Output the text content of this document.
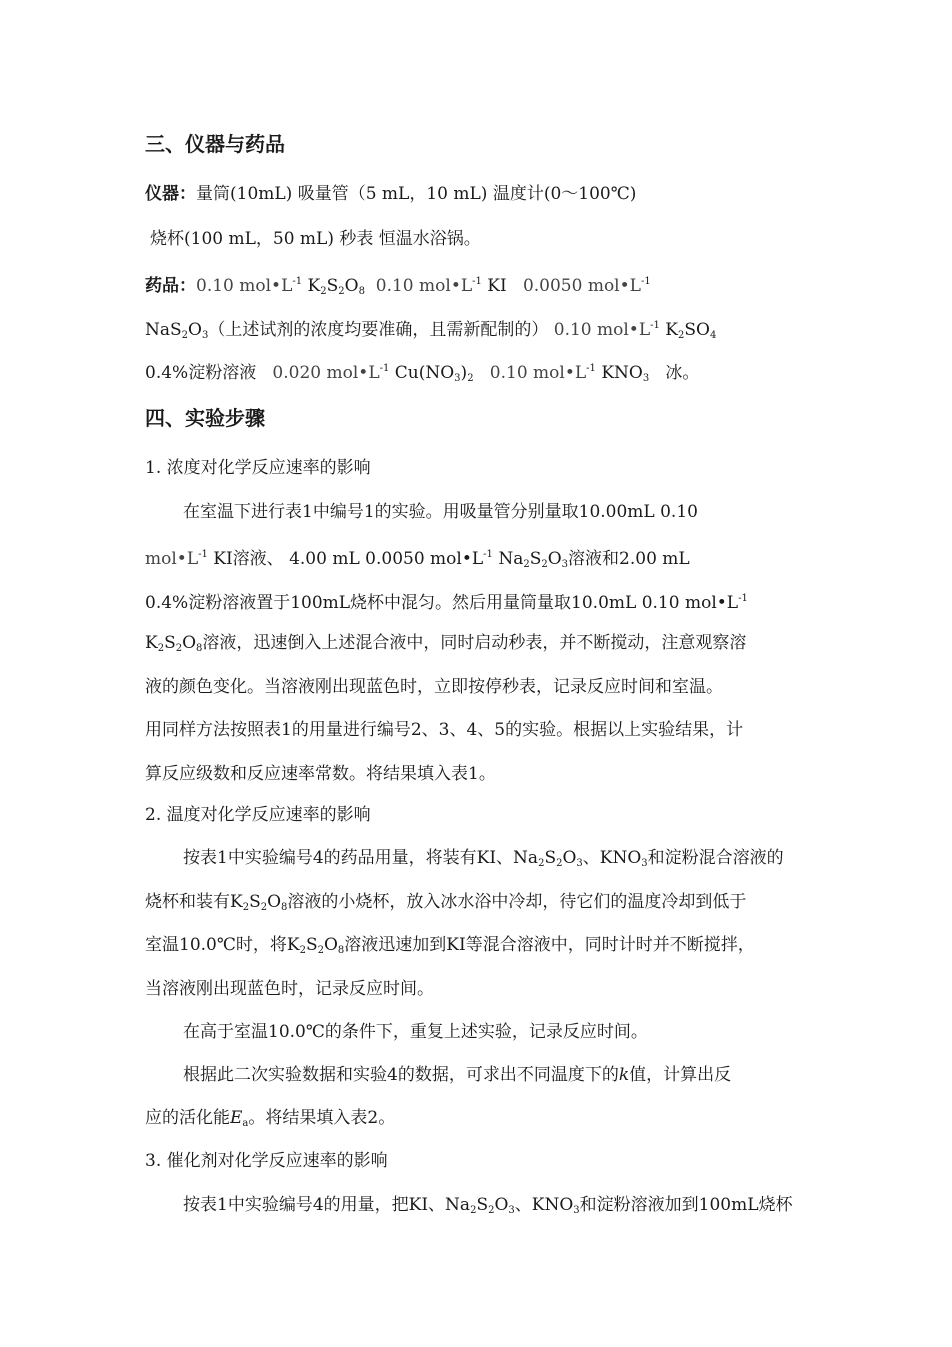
三、仪器与药品
仪器：量筒(10mL) 吸量管（5 mL，10 mL) 温度计(0～100℃)
烧杯(100 mL，50 mL) 秒表 恒温水浴锅。
药品：0.10 $mol•L^{-1}$ $K_2S_2O_8$ 0.10 $mol•L^{-1}$ KI 0.0050 $mol•L^{-1}$
$NaS_2O_3$（上述试剂的浓度均要准确，且需新配制的） 0.10 $mol•L^{-1}$ $K_2SO_4$
0.4%淀粉溶液 0.020 $mol•L^{-1}$ $Cu(NO_3)_2$ 0.10 $mol•L^{-1}$ $KNO_3$ 冰。
四、实验步骤
1. 浓度对化学反应速率的影响
在室温下进行表1中编号1的实验。用吸量管分别量取10.00mL 0.10
$mol•L^{-1}$ KI溶液、 4.00 mL 0.0050 $mol•L^{-1}$ $Na_2S_2O_3$溶液和2.00 mL
0.4%淀粉溶液置于100mL烧杯中混匀。然后用量筒量取10.0mL 0.10 $mol•L^{-1}$
$K_2S_2O_8$溶液，迅速倒入上述混合液中，同时启动秒表，并不断搅动，注意观察溶
液的颜色变化。当溶液刚出现蓝色时，立即按停秒表，记录反应时间和室温。
用同样方法按照表1的用量进行编号2、3、4、5的实验。根据以上实验结果，计
算反应级数和反应速率常数。将结果填入表1。
2. 温度对化学反应速率的影响
按表1中实验编号4的药品用量，将装有KI、$Na_2S_2O_3$、$KNO_3$和淀粉混合溶液的
烧杯和装有$K_2S_2O_8$溶液的小烧杯，放入冰水浴中冷却，待它们的温度冷却到低于
室温10.0℃时，将$K_2S_2O_8$溶液迅速加到KI等混合溶液中，同时计时并不断搅拌，
当溶液刚出现蓝色时，记录反应时间。
在高于室温10.0℃的条件下，重复上述实验，记录反应时间。
根据此二次实验数据和实验4的数据，可求出不同温度下的k值，计算出反
应的活化能$E_a$。将结果填入表2。
3. 催化剂对化学反应速率的影响
按表1中实验编号4的用量，把KI、$Na_2S_2O_3$、$KNO_3$和淀粉溶液加到100mL烧杯
